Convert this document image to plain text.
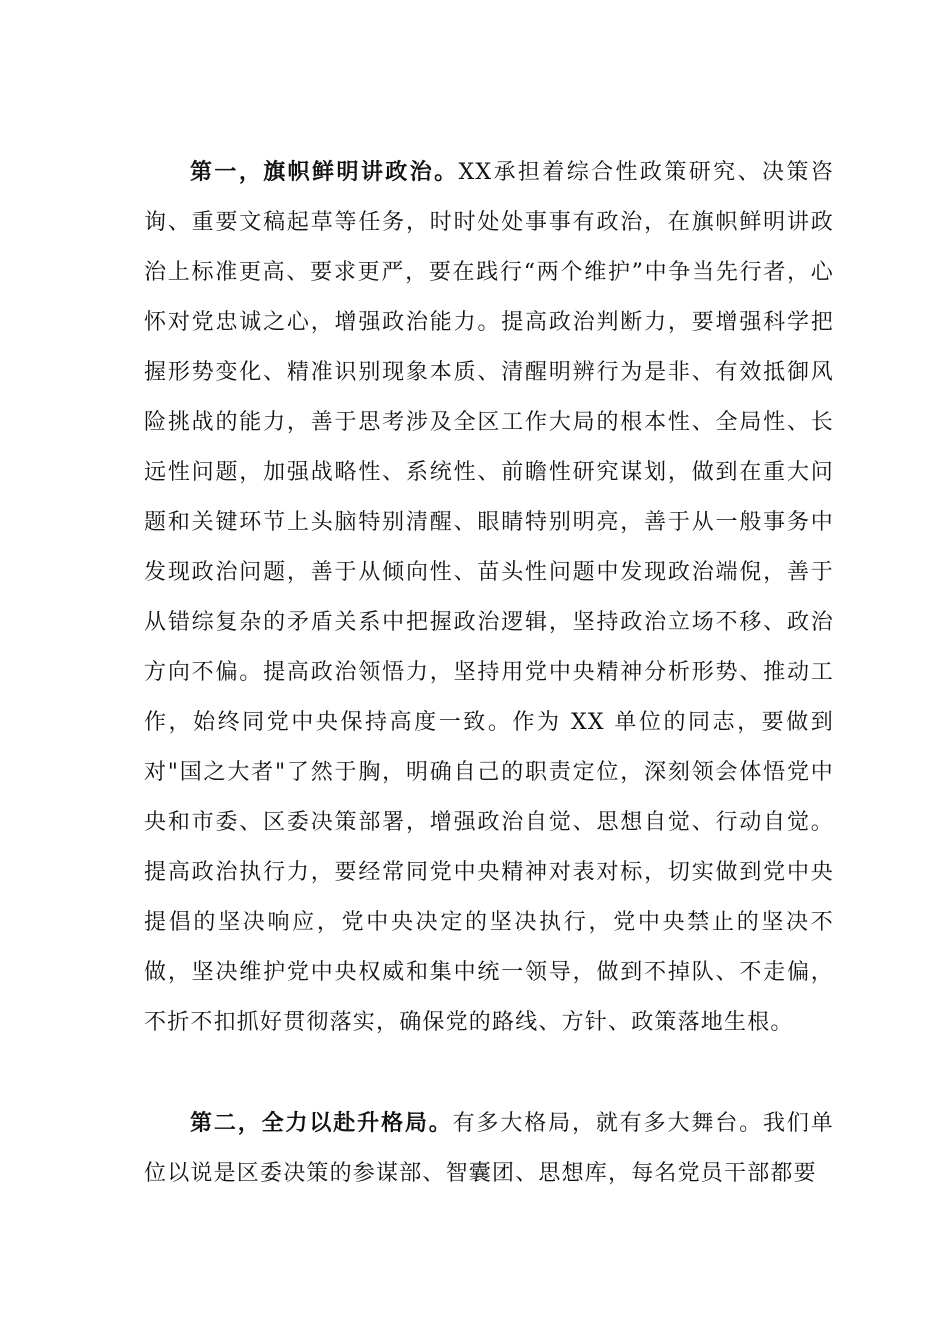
第一，旗帜鲜明讲政治。XX承担着综合性政策研究、决策咨询、重要文稿起草等任务，时时处处事事有政治，在旗帜鲜明讲政治上标准更高、要求更严，要在践行“两个维护”中争当先行者，心怀对党忠诚之心，增强政治能力。提高政治判断力，要增强科学把握形势变化、精准识别现象本质、清醒明辨行为是非、有效抵御风险挑战的能力，善于思考涉及全区工作大局的根本性、全局性、长远性问题，加强战略性、系统性、前瞻性研究谋划，做到在重大问题和关键环节上头脑特别清醒、眼睛特别明亮，善于从一般事务中发现政治问题，善于从倾向性、苗头性问题中发现政治端倪，善于从错综复杂的矛盾关系中把握政治逻辑，坚持政治立场不移、政治方向不偏。提高政治领悟力，坚持用党中央精神分析形势、推动工作，始终同党中央保持高度一致。作为 XX 单位的同志，要做到对"国之大者"了然于胸，明确自己的职责定位，深刻领会体悟党中央和市委、区委决策部署，增强政治自觉、思想自觉、行动自觉。提高政治执行力，要经常同党中央精神对表对标，切实做到党中央提倡的坚决响应，党中央决定的坚决执行，党中央禁止的坚决不做，坚决维护党中央权威和集中统一领导，做到不掉队、不走偏，不折不扣抓好贯彻落实，确保党的路线、方针、政策落地生根。

第二，全力以赴升格局。有多大格局，就有多大舞台。我们单位以说是区委决策的参谋部、智囊团、思想库，每名党员干部都要
